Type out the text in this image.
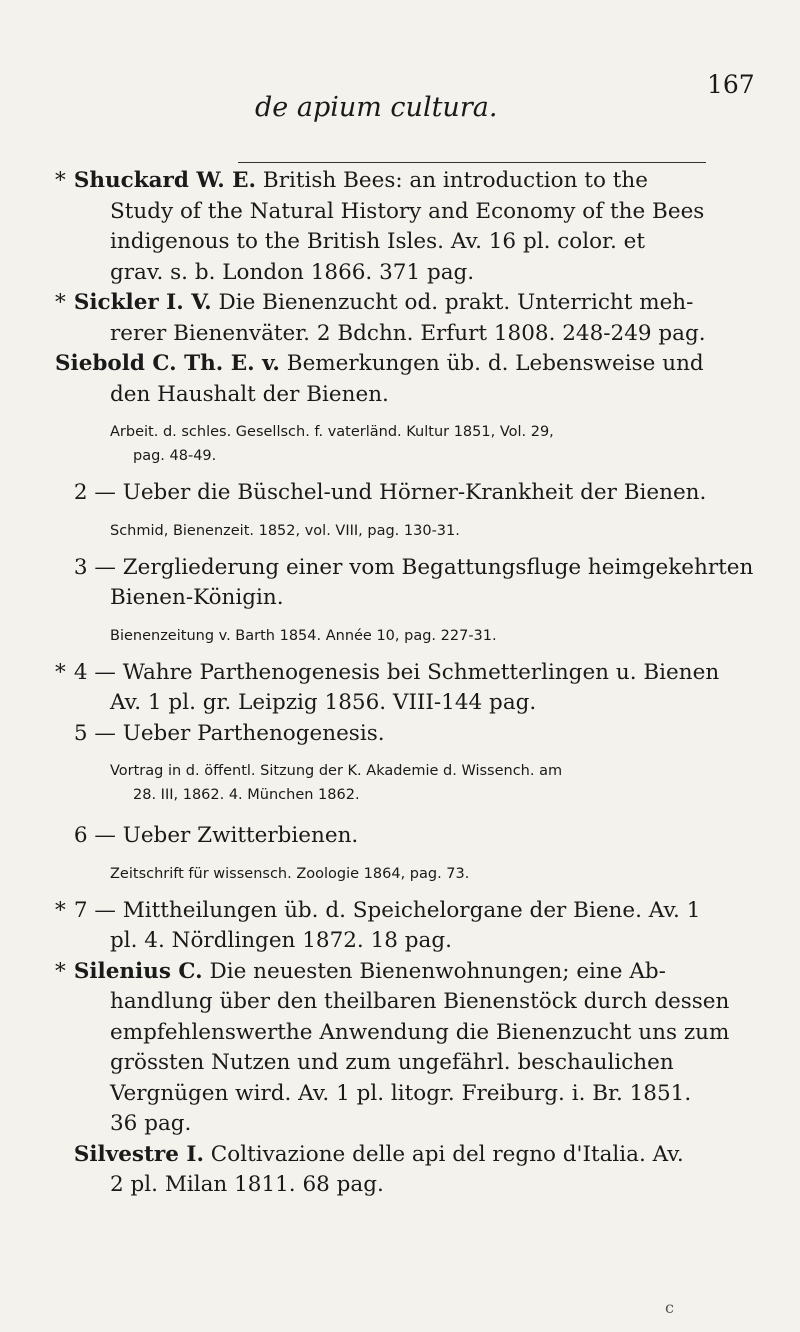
de apium cultura.
167
* Shuckard W. E. British Bees: an introduction to the
Study of the Natural History and Economy of the Bees
indigenous to the British Isles. Av. 16 pl. color. et
grav. s. b. London 1866. 371 pag.
* Sickler I. V. Die Bienenzucht od. prakt. Unterricht meh-
rerer Bienenväter. 2 Bdchn. Erfurt 1808. 248-249 pag.
Siebold C. Th. E. v. Bemerkungen üb. d. Lebensweise und
den Haushalt der Bienen.
Arbeit. d. schles. Gesellsch. f. vaterländ. Kultur 1851, Vol. 29,
pag. 48-49.
2 — Ueber die Büschel-und Hörner-Krankheit der Bienen.
Schmid, Bienenzeit. 1852, vol. VIII, pag. 130-31.
3 — Zergliederung einer vom Begattungsfluge heimgekehrten
Bienen-Königin.
Bienenzeitung v. Barth 1854. Année 10, pag. 227-31.
* 4 — Wahre Parthenogenesis bei Schmetterlingen u. Bienen
Av. 1 pl. gr. Leipzig 1856. VIII-144 pag.
5 — Ueber Parthenogenesis.
Vortrag in d. öffentl. Sitzung der K. Akademie d. Wissench. am
28. III, 1862. 4. München 1862.
6 — Ueber Zwitterbienen.
Zeitschrift für wissensch. Zoologie 1864, pag. 73.
* 7 — Mittheilungen üb. d. Speichelorgane der Biene. Av. 1
pl. 4. Nördlingen 1872. 18 pag.
* Silenius C. Die neuesten Bienenwohnungen; eine Ab-
handlung über den theilbaren Bienenstöck durch dessen
empfehlenswerthe Anwendung die Bienenzucht uns zum
grössten Nutzen und zum ungefährl. beschaulichen
Vergnügen wird. Av. 1 pl. litogr. Freiburg. i. Br. 1851.
36 pag.
Silvestre I. Coltivazione delle api del regno d'Italia. Av.
2 pl. Milan 1811. 68 pag.
c
